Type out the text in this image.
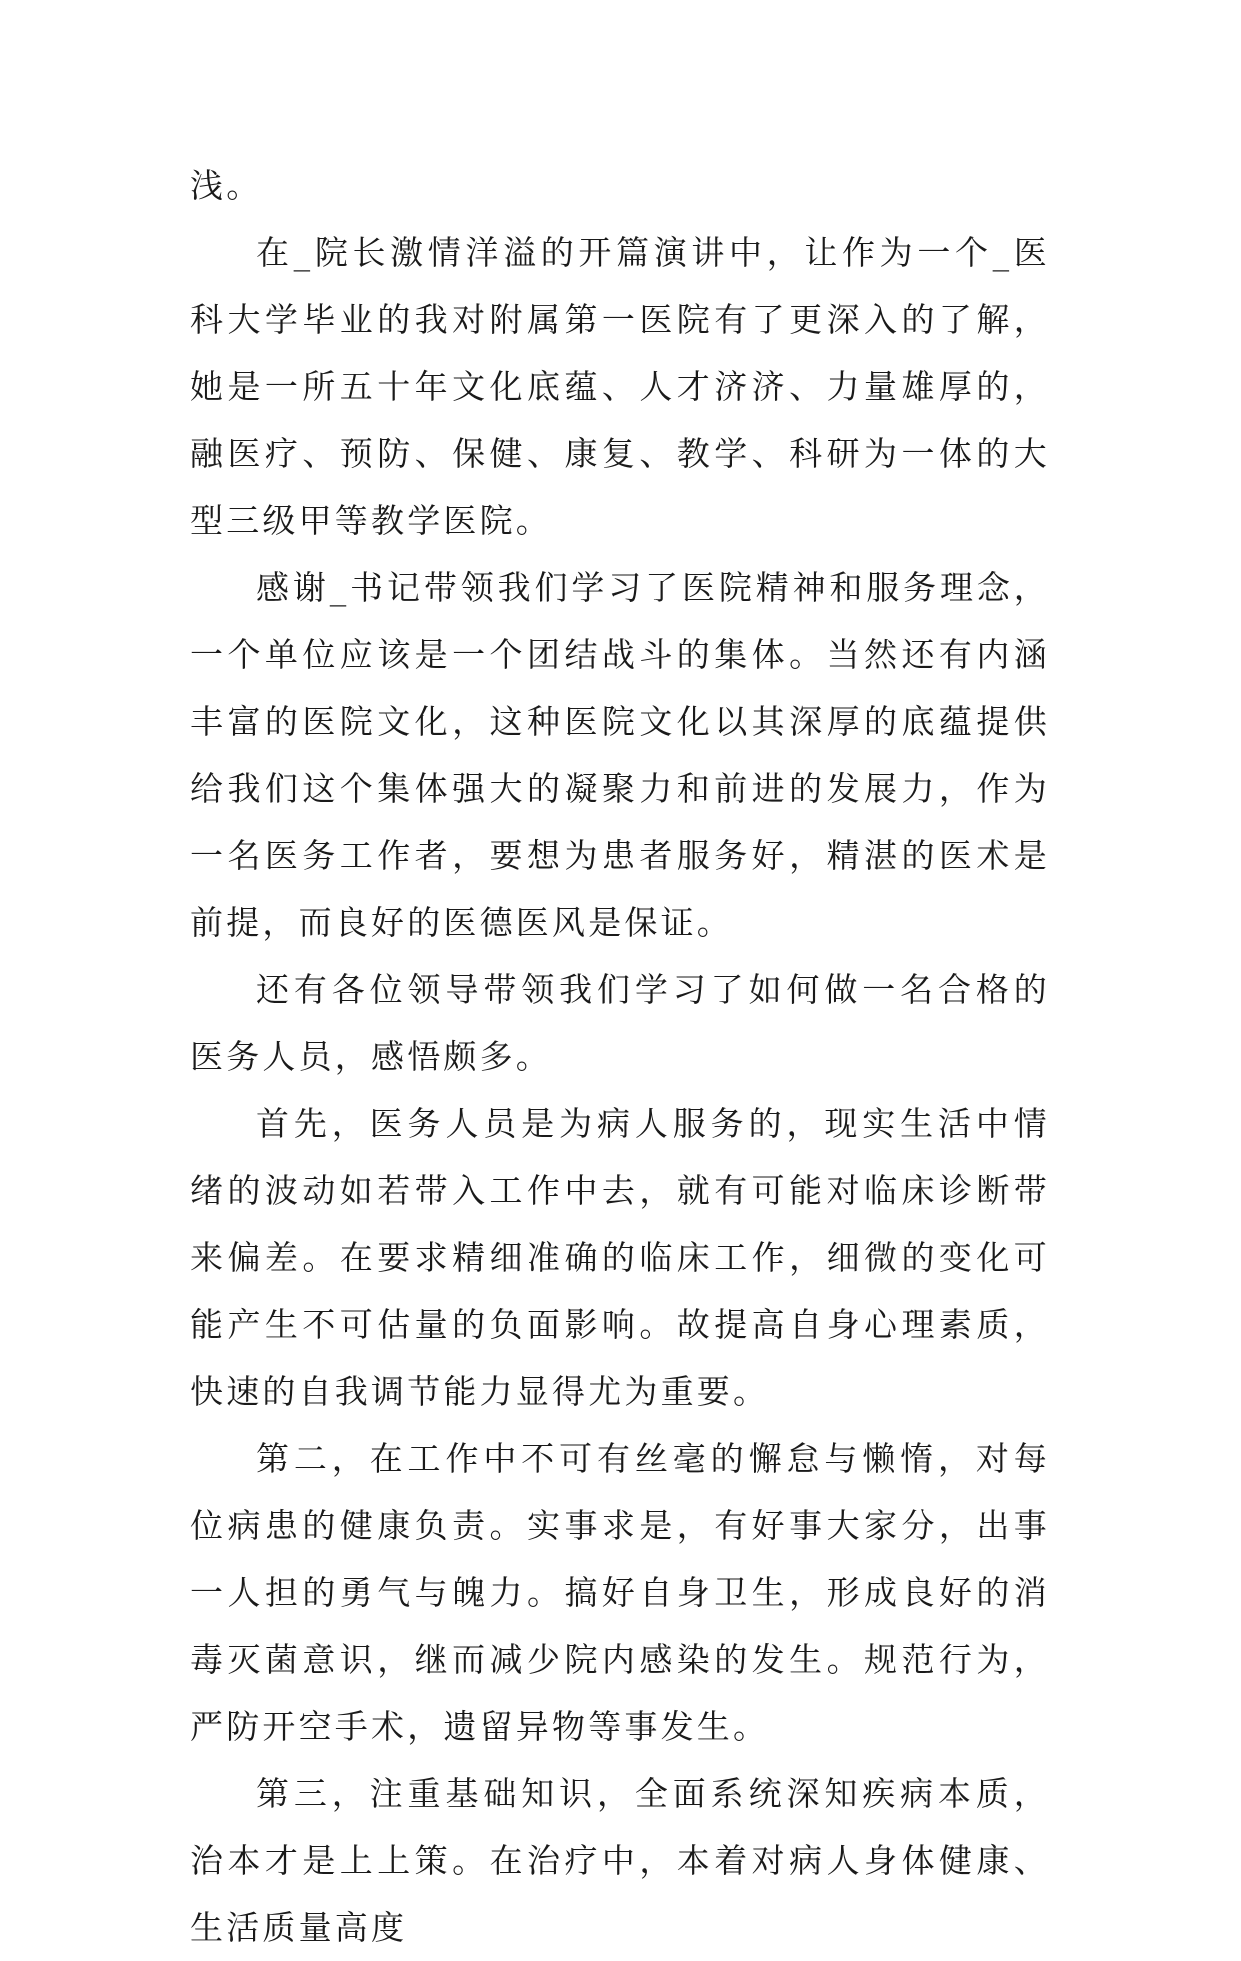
浅。

在_院长激情洋溢的开篇演讲中，让作为一个_医科大学毕业的我对附属第一医院有了更深入的了解，她是一所五十年文化底蕴、人才济济、力量雄厚的，融医疗、预防、保健、康复、教学、科研为一体的大型三级甲等教学医院。

感谢_书记带领我们学习了医院精神和服务理念，一个单位应该是一个团结战斗的集体。当然还有内涵丰富的医院文化，这种医院文化以其深厚的底蕴提供给我们这个集体强大的凝聚力和前进的发展力，作为一名医务工作者，要想为患者服务好，精湛的医术是前提，而良好的医德医风是保证。

还有各位领导带领我们学习了如何做一名合格的医务人员，感悟颇多。

首先，医务人员是为病人服务的，现实生活中情绪的波动如若带入工作中去，就有可能对临床诊断带来偏差。在要求精细准确的临床工作，细微的变化可能产生不可估量的负面影响。故提高自身心理素质，快速的自我调节能力显得尤为重要。

第二，在工作中不可有丝毫的懈怠与懒惰，对每位病患的健康负责。实事求是，有好事大家分，出事一人担的勇气与魄力。搞好自身卫生，形成良好的消毒灭菌意识，继而减少院内感染的发生。规范行为，严防开空手术，遗留异物等事发生。

第三，注重基础知识，全面系统深知疾病本质，治本才是上上策。在治疗中，本着对病人身体健康、生活质量高度
